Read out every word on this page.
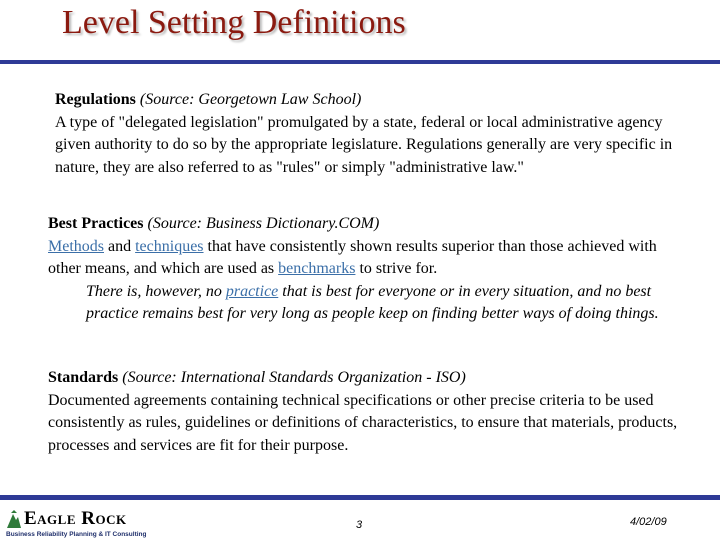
Level Setting Definitions
Regulations (Source: Georgetown Law School)
A type of "delegated legislation" promulgated by a state, federal or local administrative agency given authority to do so by the appropriate legislature. Regulations generally are very specific in nature, they are also referred to as "rules" or simply "administrative law."
Best Practices (Source: Business Dictionary.COM)
Methods and techniques that have consistently shown results superior than those achieved with other means, and which are used as benchmarks to strive for.
There is, however, no practice that is best for everyone or in every situation, and no best practice remains best for very long as people keep on finding better ways of doing things.
Standards (Source: International Standards Organization - ISO)
Documented agreements containing technical specifications or other precise criteria to be used consistently as rules, guidelines or definitions of characteristics, to ensure that materials, products, processes and services are fit for their purpose.
Eagle Rock
Business Reliability Planning & IT Consulting
3	4/02/09
